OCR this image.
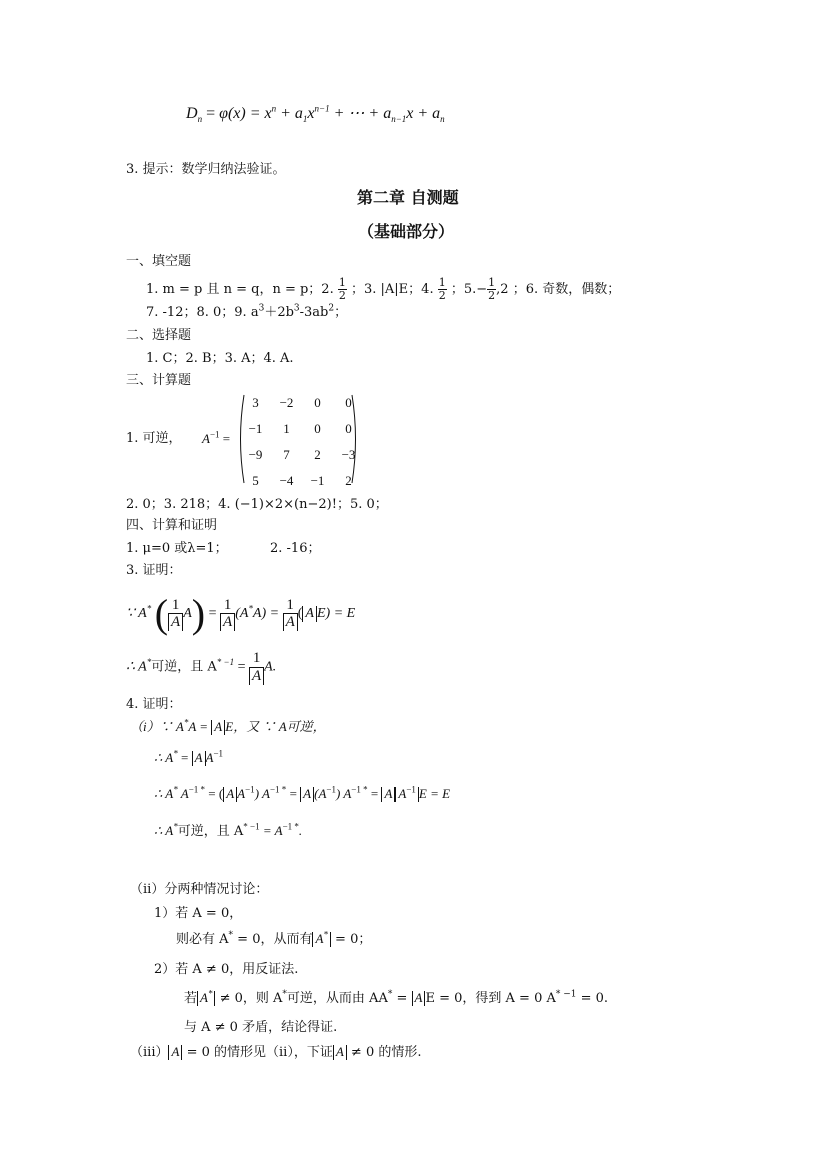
$D_n = \varphi(x) = x^n + a_1x^{n-1}$ + ⋯ + $a_{n-1}x + a_n$
3. 提示：数学归纳法验证。
第二章 自测题
（基础部分）
一、填空题
1. m = p 且 n = q，n = p；2. $\frac{1}{2}$ ；3. |A|E；4. $\frac{1}{2}$ ；$5.- \frac{1}{2} ,2$ ；6. 奇数，偶数；
7. -12；8. 0；9. $a^3+2b^3-3ab^2$；
二、选择题
1. C；2. B；3. A；4. A.
三、计算题
1. 可逆， $A^{-1}$ =
3	−2	0	0
−1	1	0	0
−9	7	2	−3
5	−4	−1	2
2. 0；3. 218；4. (−1)×2×(n−2)!；5. 0；
四、计算和证明
1. μ=0 或λ=1；	2. -16；
3. 证明：
∵ A* ( $\frac{1}{A} A) = \frac{1}{A} (A^*A) = \frac{1}{A}$ ( A E) = E
∴ A*可逆，且 $A^{* -1} = \frac{1}{A} A$.
4. 证明：
（i）∵ A*A = A E，又 ∵ A可逆，
∴ A* = A $A^{-1}$
∴ A* $A^{-1 *}$ = ( A $A^{-1}$) $A^{-1 *} = A$ $(A^{-1}) A^{-1 *} = A$ $A^{-1}$ E = E
∴ A*可逆，且 $A^{* -1} = A^{-1 *}$.
（ii）分两种情况讨论：
1）若 A = 0，
则必有 A* = 0，从而有 A* = 0；
2）若 A ≠ 0，用反证法.
若 A* ≠ 0，则 A*可逆，从而由 AA* = A E = 0，得到 A = 0 $A^{* -1} = 0$.
与 A ≠ 0 矛盾，结论得证.
（iii） A = 0 的情形见（ii），下证 A ≠ 0 的情形.
